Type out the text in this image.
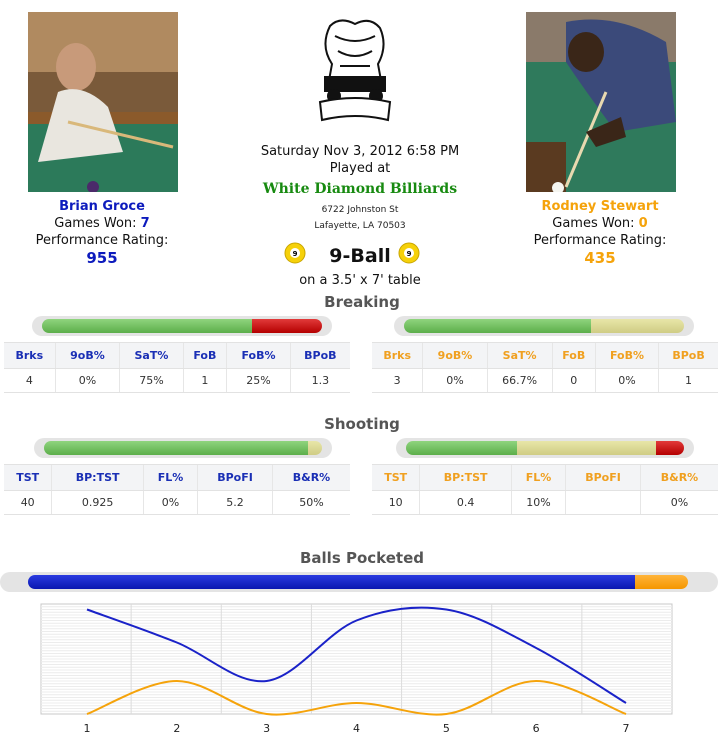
Brian Groce
Games Won: 7
Performance Rating:
955
Rodney Stewart
Games Won: 0
Performance Rating:
435
Saturday Nov 3, 2012 6:58 PM
Played at
White Diamond Billiards
6722 Johnston St
Lafayette, LA 70503
9	9-Ball	9
on a 3.5' x 7' table
Breaking
Brks	9oB%	SaT%	FoB	FoB%	BPoB
4	0%	75%	1	25%	1.3
Brks	9oB%	SaT%	FoB	FoB%	BPoB
3	0%	66.7%	0	0%	1
Shooting
TST	BP:TST	FL%	BPoFI	B&R%
40	0.925	0%	5.2	50%
TST	BP:TST	FL%	BPoFI	B&R%
10	0.4	10%		0%
Balls Pocketed
1	2	3	4	5	6	7
